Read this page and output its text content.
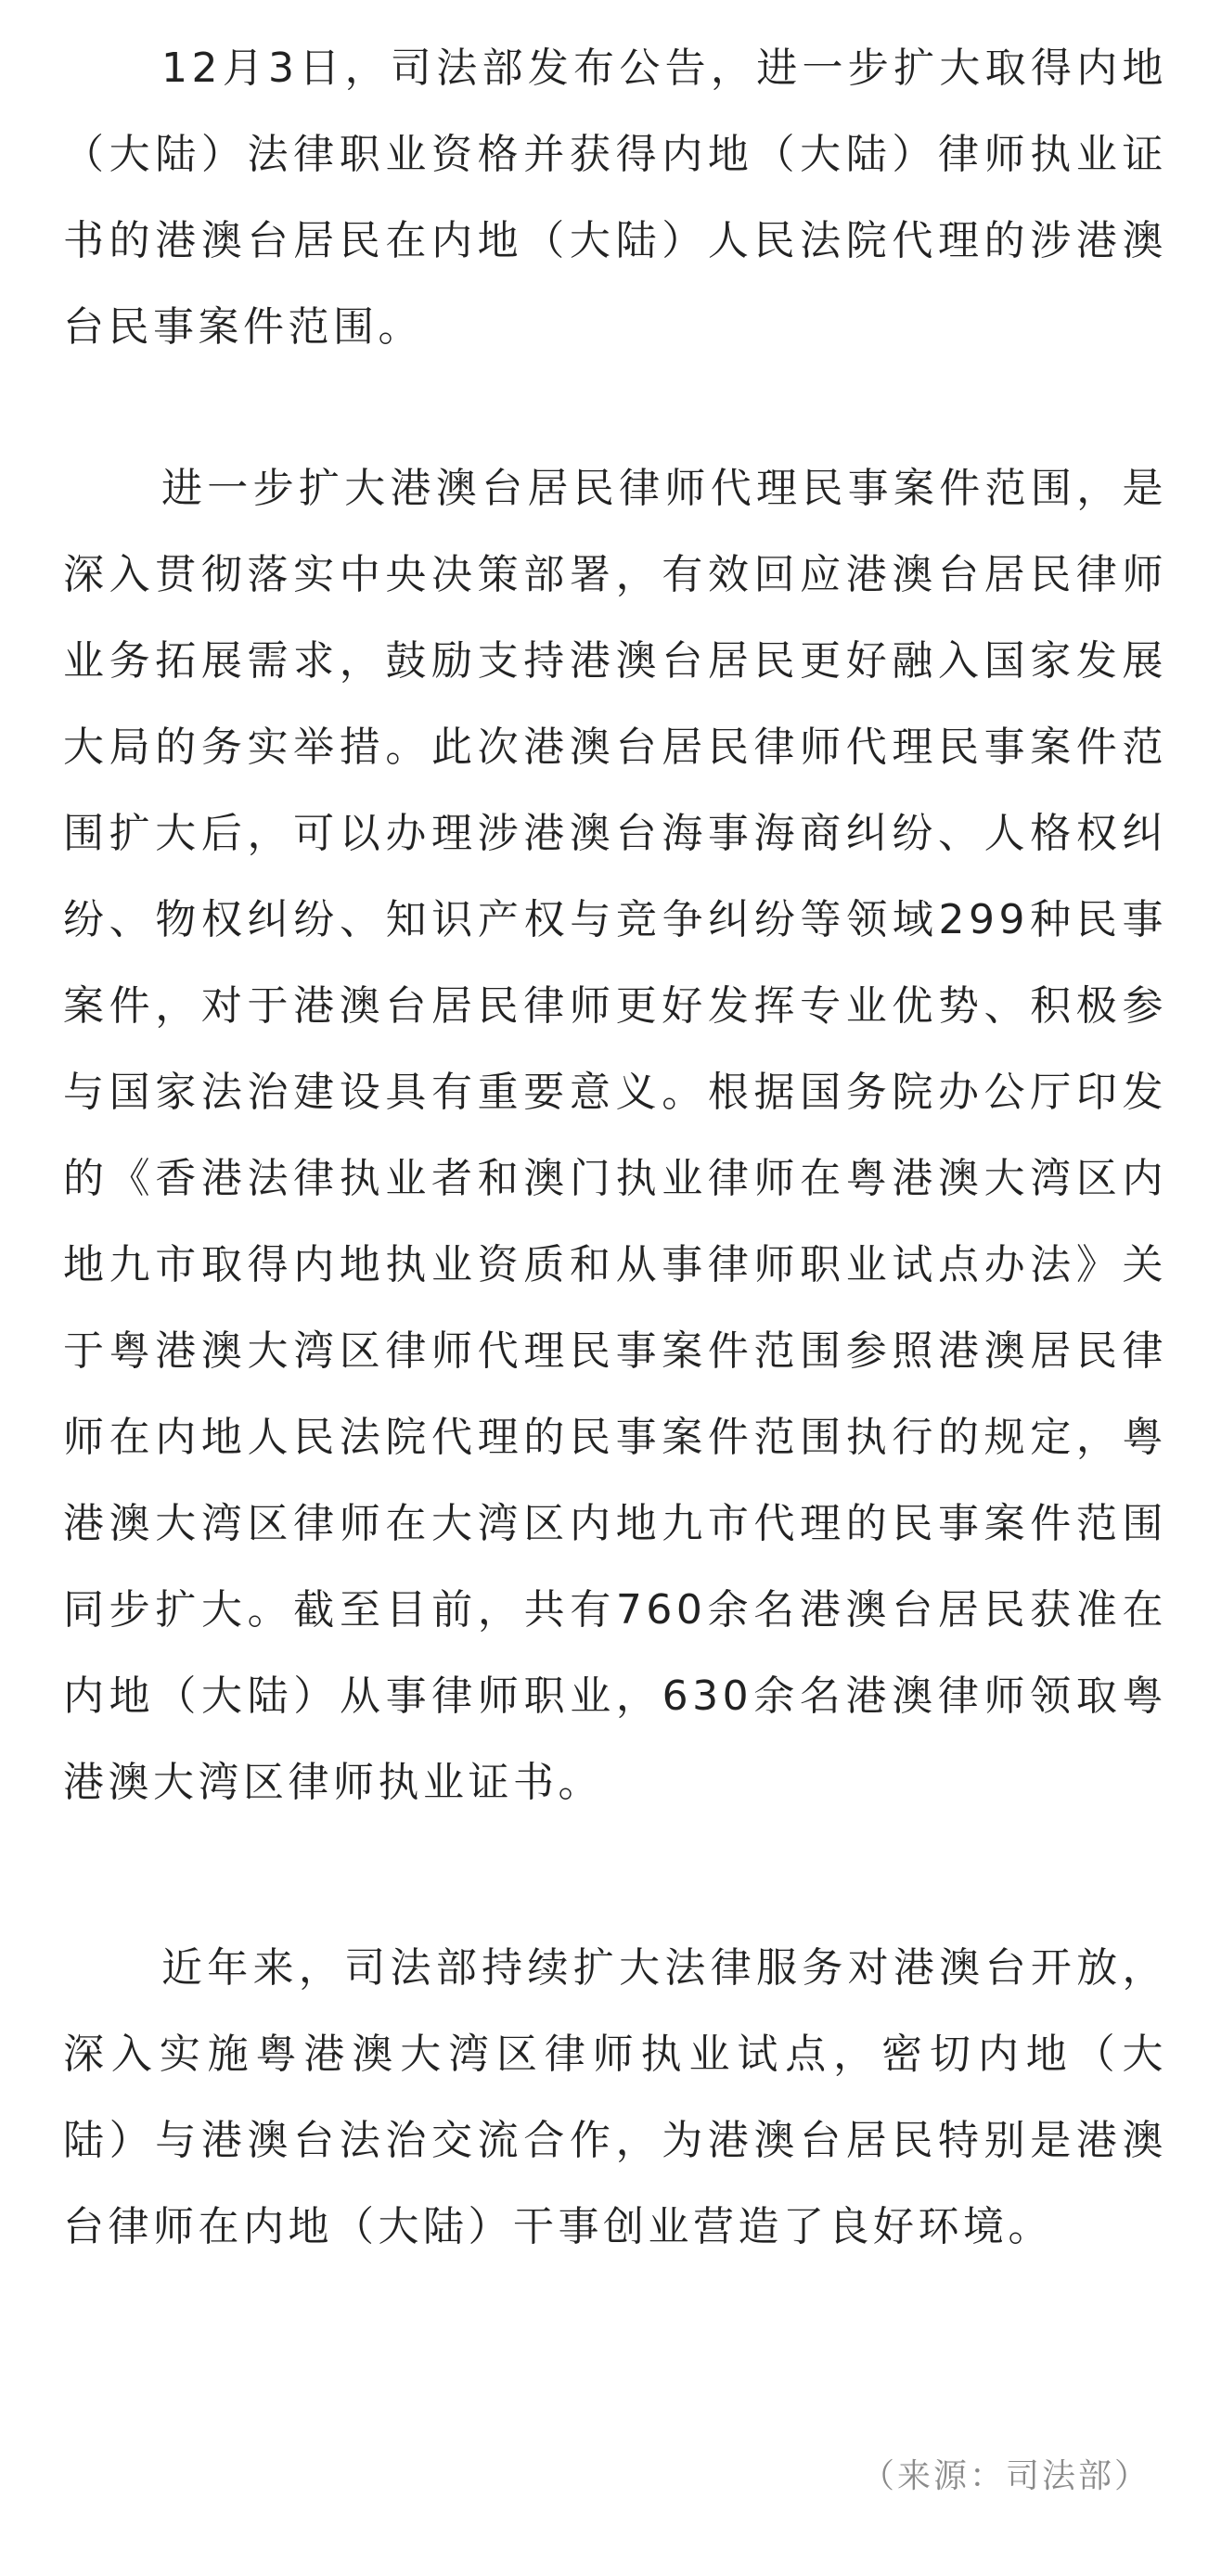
12月3日，司法部发布公告，进一步扩大取得内地（大陆）法律职业资格并获得内地（大陆）律师执业证书的港澳台居民在内地（大陆）人民法院代理的涉港澳台民事案件范围。

进一步扩大港澳台居民律师代理民事案件范围，是深入贯彻落实中央决策部署，有效回应港澳台居民律师业务拓展需求，鼓励支持港澳台居民更好融入国家发展大局的务实举措。此次港澳台居民律师代理民事案件范围扩大后，可以办理涉港澳台海事海商纠纷、人格权纠纷、物权纠纷、知识产权与竞争纠纷等领域299种民事案件，对于港澳台居民律师更好发挥专业优势、积极参与国家法治建设具有重要意义。根据国务院办公厅印发的《香港法律执业者和澳门执业律师在粤港澳大湾区内地九市取得内地执业资质和从事律师职业试点办法》关于粤港澳大湾区律师代理民事案件范围参照港澳居民律师在内地人民法院代理的民事案件范围执行的规定，粤港澳大湾区律师在大湾区内地九市代理的民事案件范围同步扩大。截至目前，共有760余名港澳台居民获准在内地（大陆）从事律师职业，630余名港澳律师领取粤港澳大湾区律师执业证书。

近年来，司法部持续扩大法律服务对港澳台开放，深入实施粤港澳大湾区律师执业试点，密切内地（大陆）与港澳台法治交流合作，为港澳台居民特别是港澳台律师在内地（大陆）干事创业营造了良好环境。

（来源：司法部）
